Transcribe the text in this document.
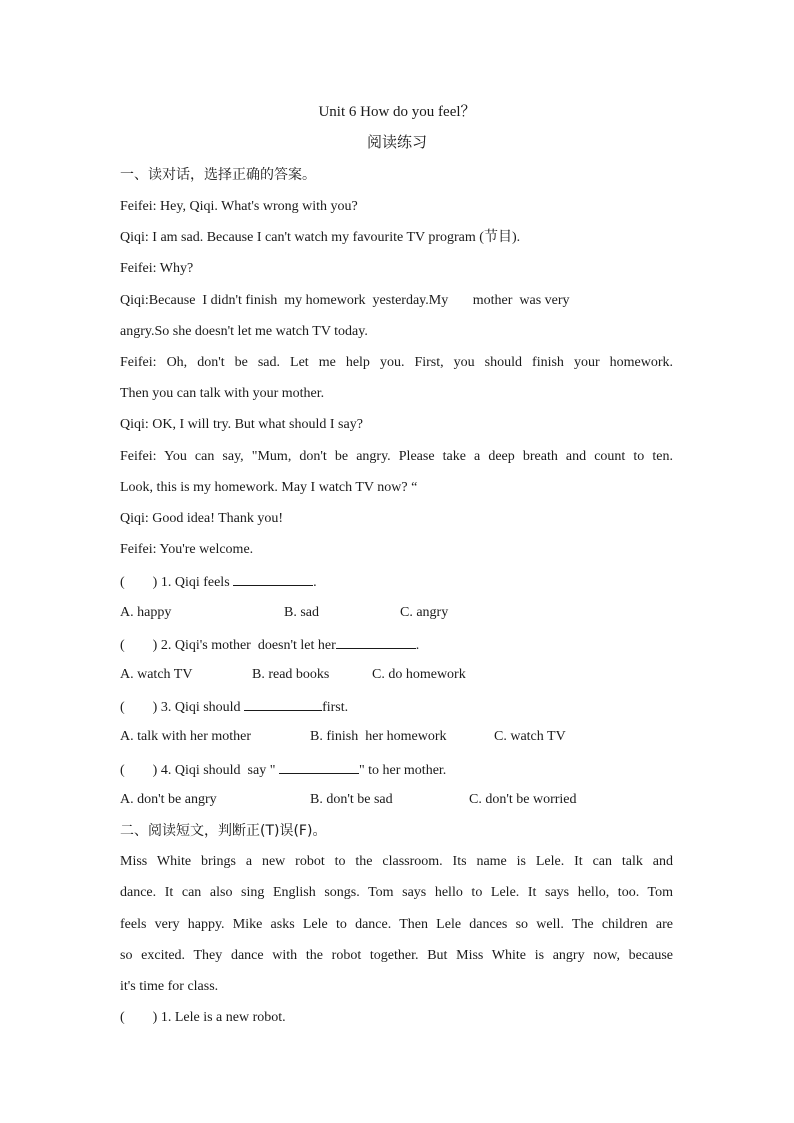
Unit 6 How do you feel？
阅读练习
一、读对话，选择正确的答案。
Feifei: Hey, Qiqi. What's wrong with you?
Qiqi: I am sad. Because I can't watch my favourite TV program (节目).
Feifei: Why?
Qiqi:Because  I didn't finish  my homework  yesterday.My       mother  was very
angry.So she doesn't let me watch TV today.
Feifei: Oh, don't be sad. Let me help you. First, you should finish your homework.
Then you can talk with your mother.
Qiqi: OK, I will try. But what should I say?
Feifei: You can say, "Mum, don't be angry. Please take a deep breath and count to ten.
Look, this is my homework. May I watch TV now? “
Qiqi: Good idea! Thank you!
Feifei: You're welcome.
(        ) 1. Qiqi feels	.
A. happy	B. sad	C. angry
(        ) 2. Qiqi's mother  doesn't let her	.
A. watch TV	B. read books	C. do homework
(        ) 3. Qiqi should	first.
A. talk with her mother	B. finish  her homework	C. watch TV
(        ) 4. Qiqi should  say "	" to her mother.
A. don't be angry	B. don't be sad	C. don't be worried
二、阅读短文，判断正(T)误(F)。
Miss White brings a new robot to the classroom. Its name is Lele. It can talk and
dance. It can also sing English songs. Tom says hello to Lele. It says hello, too. Tom
feels very happy. Mike asks Lele to dance. Then Lele dances so well. The children are
so excited. They dance with the robot together. But Miss White is angry now, because
it's time for class.
(        ) 1. Lele is a new robot.
